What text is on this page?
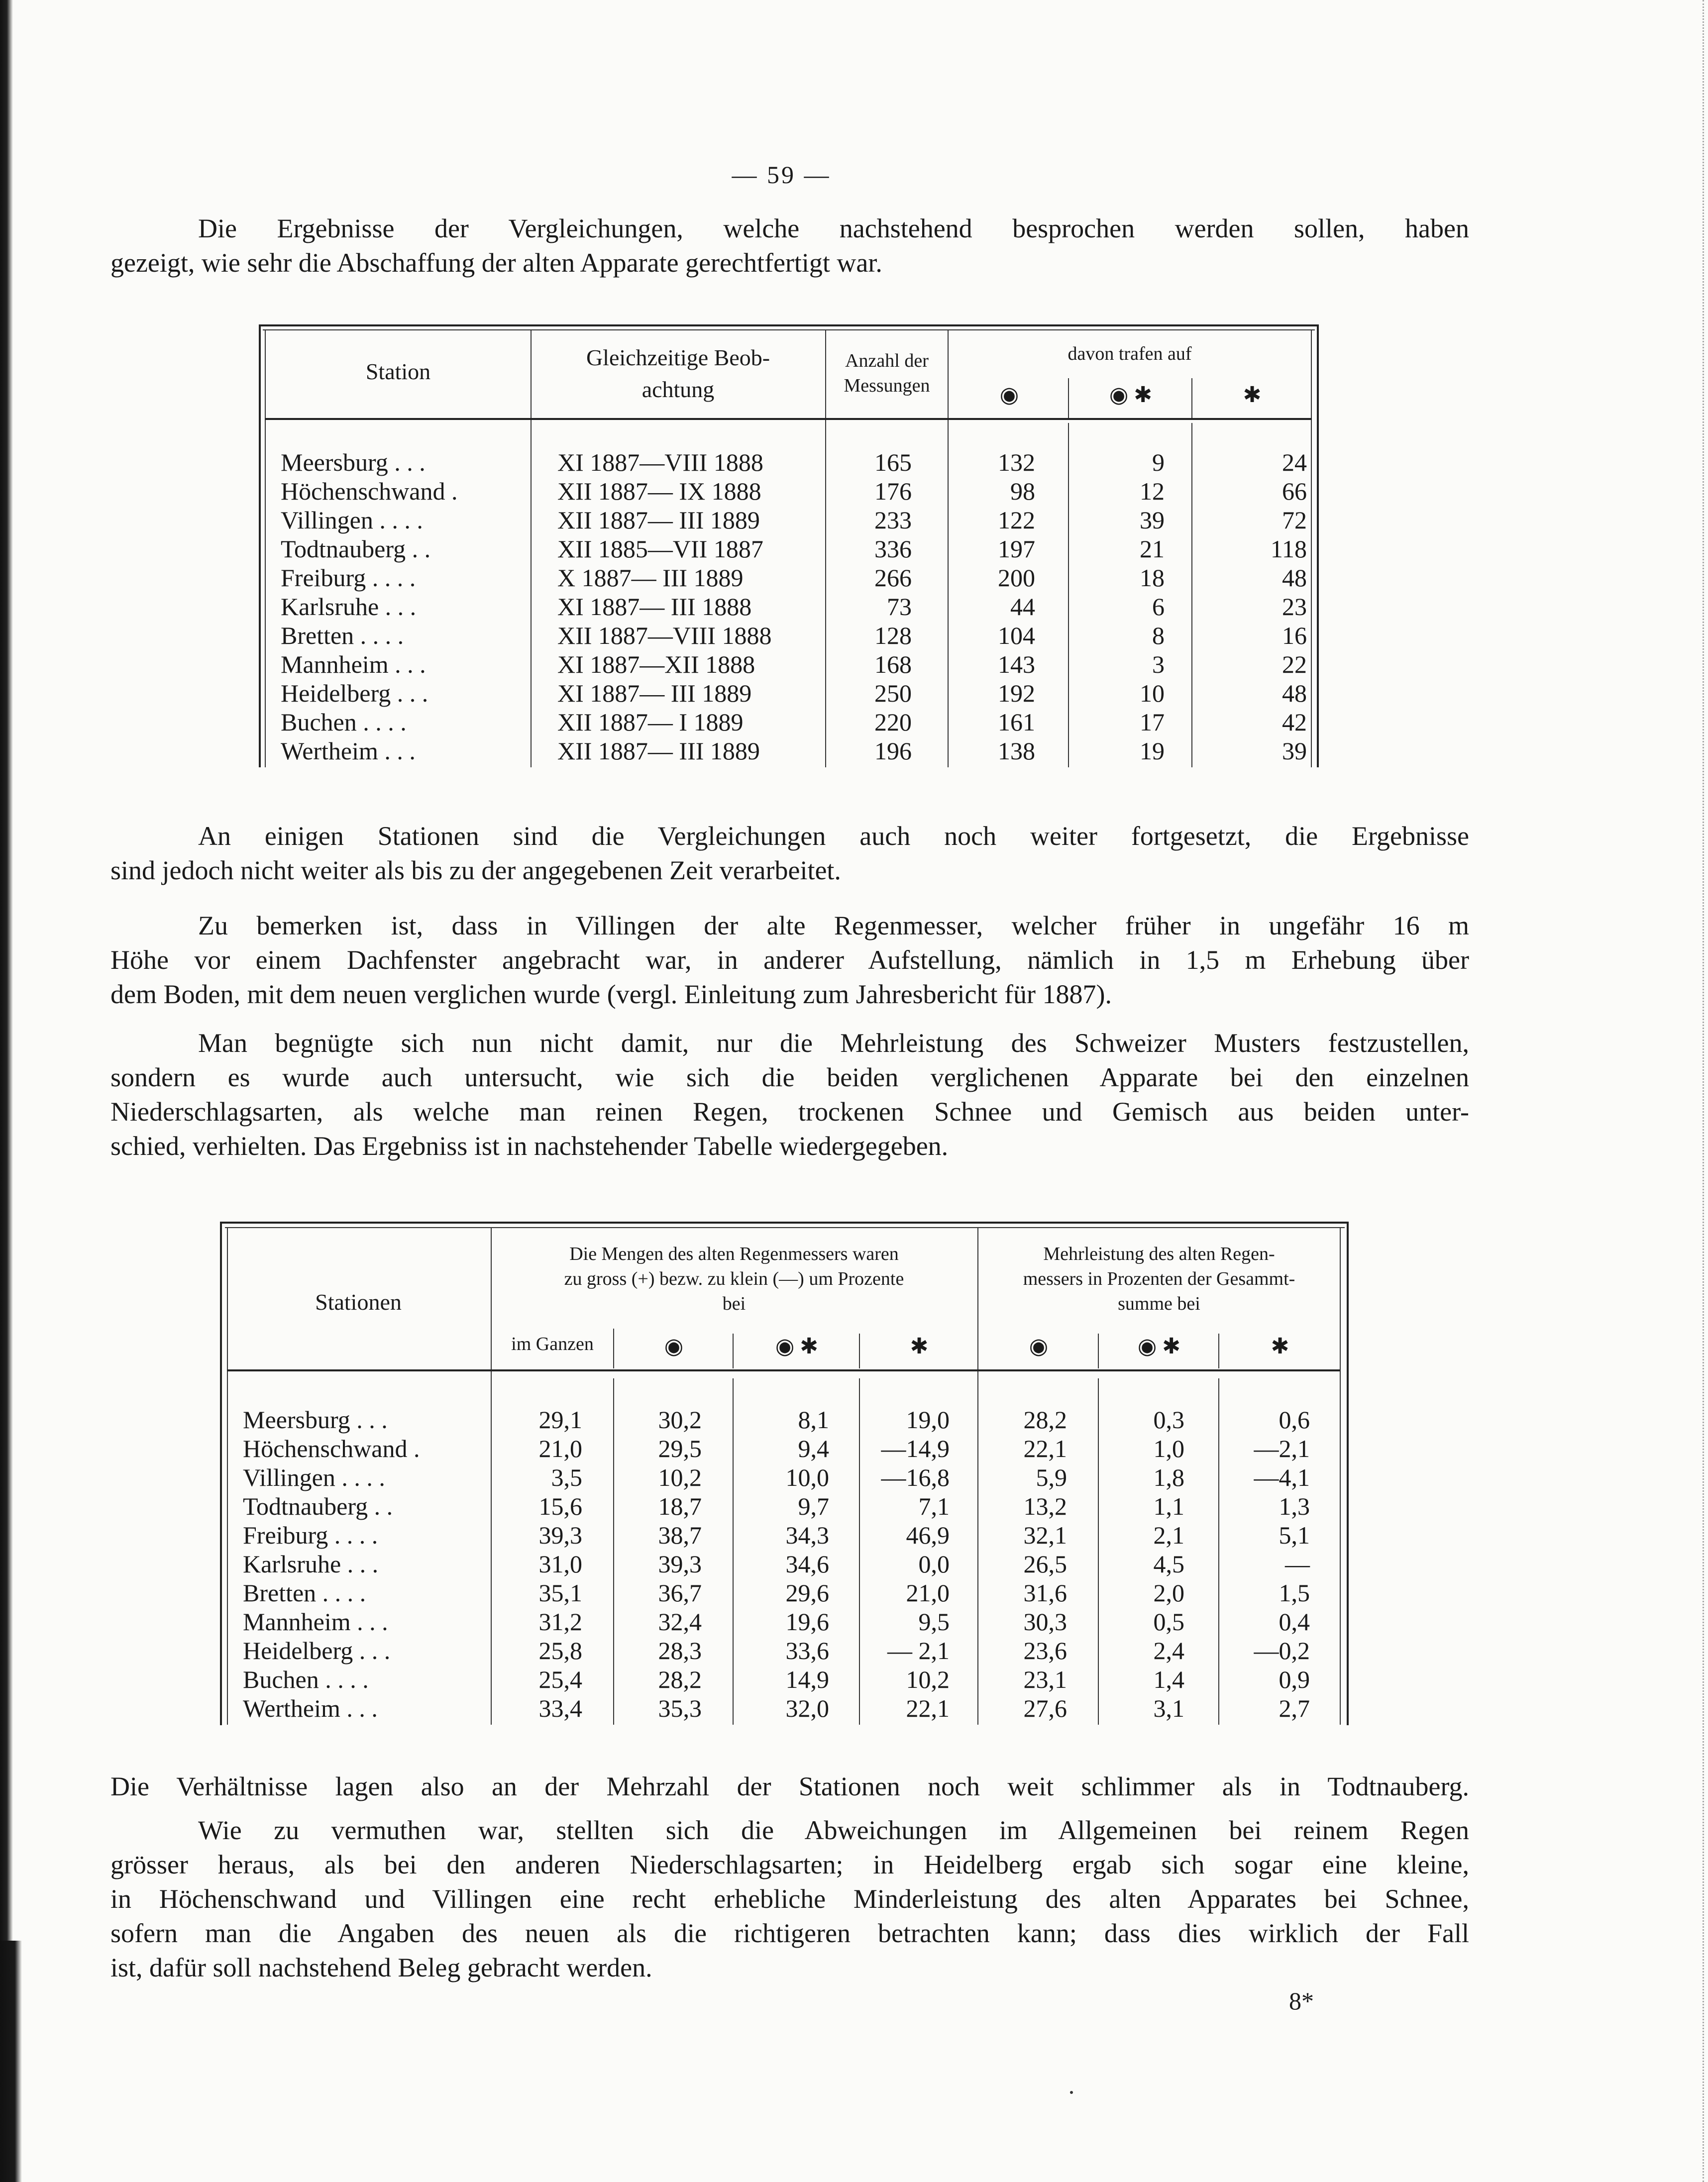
— 59 —
Die Ergebnisse der Vergleichungen, welche nachstehend besprochen werden sollen, haben
gezeigt, wie sehr die Abschaffung der alten Apparate gerechtfertigt war.
Station
Gleichzeitige Beob-
achtung
Anzahl der
Messungen
davon trafen auf
◉	◉ ✱	✱
Meersburg . . .	XI 1887—VIII 1888	165	132	9	24
Höchenschwand .	XII 1887— IX 1888	176	98	12	66
Villingen . . . .	XII 1887— III 1889	233	122	39	72
Todtnauberg . .	XII 1885—VII 1887	336	197	21	118
Freiburg . . . .	X 1887— III 1889	266	200	18	48
Karlsruhe . . .	XI 1887— III 1888	73	44	6	23
Bretten . . . .	XII 1887—VIII 1888	128	104	8	16
Mannheim . . .	XI 1887—XII 1888	168	143	3	22
Heidelberg . . .	XI 1887— III 1889	250	192	10	48
Buchen . . . .	XII 1887— I 1889	220	161	17	42
Wertheim . . .	XII 1887— III 1889	196	138	19	39
An einigen Stationen sind die Vergleichungen auch noch weiter fortgesetzt, die Ergebnisse
sind jedoch nicht weiter als bis zu der angegebenen Zeit verarbeitet.
Zu bemerken ist, dass in Villingen der alte Regenmesser, welcher früher in ungefähr 16 m
Höhe vor einem Dachfenster angebracht war, in anderer Aufstellung, nämlich in 1,5 m Erhebung über
dem Boden, mit dem neuen verglichen wurde (vergl. Einleitung zum Jahresbericht für 1887).
Man begnügte sich nun nicht damit, nur die Mehrleistung des Schweizer Musters festzustellen,
sondern es wurde auch untersucht, wie sich die beiden verglichenen Apparate bei den einzelnen
Niederschlagsarten, als welche man reinen Regen, trockenen Schnee und Gemisch aus beiden unter-
schied, verhielten. Das Ergebniss ist in nachstehender Tabelle wiedergegeben.
Stationen
Die Mengen des alten Regenmessers waren
zu gross (+) bezw. zu klein (—) um Prozente
bei
Mehrleistung des alten Regen-
messers in Prozenten der Gesammt-
summe bei
im Ganzen	◉	◉ ✱	✱	◉	◉ ✱	✱
Meersburg . . .	29,1	30,2	8,1	19,0	28,2	0,3	0,6
Höchenschwand .	21,0	29,5	9,4	—14,9	22,1	1,0	—2,1
Villingen . . . .	3,5	10,2	10,0	—16,8	5,9	1,8	—4,1
Todtnauberg . .	15,6	18,7	9,7	7,1	13,2	1,1	1,3
Freiburg . . . .	39,3	38,7	34,3	46,9	32,1	2,1	5,1
Karlsruhe . . .	31,0	39,3	34,6	0,0	26,5	4,5	—
Bretten . . . .	35,1	36,7	29,6	21,0	31,6	2,0	1,5
Mannheim . . .	31,2	32,4	19,6	9,5	30,3	0,5	0,4
Heidelberg . . .	25,8	28,3	33,6	— 2,1	23,6	2,4	—0,2
Buchen . . . .	25,4	28,2	14,9	10,2	23,1	1,4	0,9
Wertheim . . .	33,4	35,3	32,0	22,1	27,6	3,1	2,7
Die Verhältnisse lagen also an der Mehrzahl der Stationen noch weit schlimmer als in Todtnauberg.
Wie zu vermuthen war, stellten sich die Abweichungen im Allgemeinen bei reinem Regen
grösser heraus, als bei den anderen Niederschlagsarten; in Heidelberg ergab sich sogar eine kleine,
in Höchenschwand und Villingen eine recht erhebliche Minderleistung des alten Apparates bei Schnee,
sofern man die Angaben des neuen als die richtigeren betrachten kann; dass dies wirklich der Fall
ist, dafür soll nachstehend Beleg gebracht werden.
8*
